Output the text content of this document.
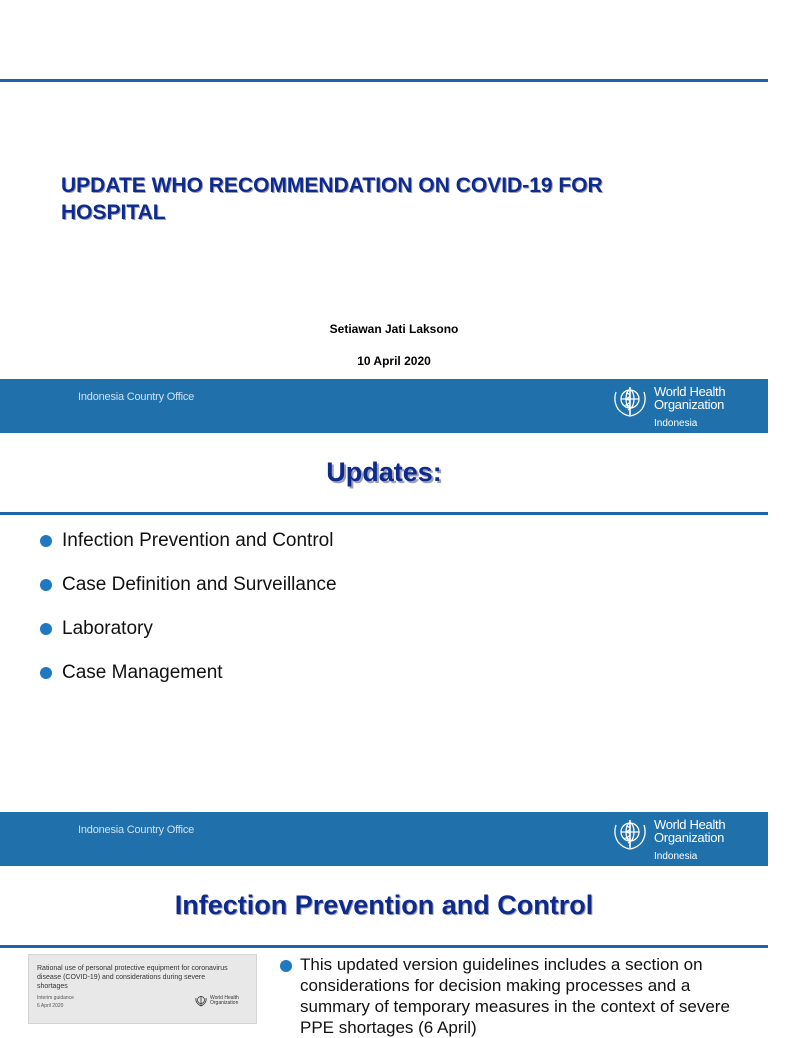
UPDATE WHO RECOMMENDATION ON COVID-19 FOR HOSPITAL
Setiawan Jati Laksono
10 April 2020
Indonesia Country Office	World Health
Organization
Indonesia
Updates:
Infection Prevention and Control
Case Definition and Surveillance
Laboratory
Case Management
Indonesia Country Office	World Health
Organization
Indonesia
Infection Prevention and Control
Rational use of personal protective equipment for coronavirus disease (COVID-19) and considerations during severe shortages
Interim guidance
6 April 2020
World Health Organization
This updated version guidelines includes a section on considerations for decision making processes and a summary of temporary measures in the context of severe PPE shortages (6 April)
